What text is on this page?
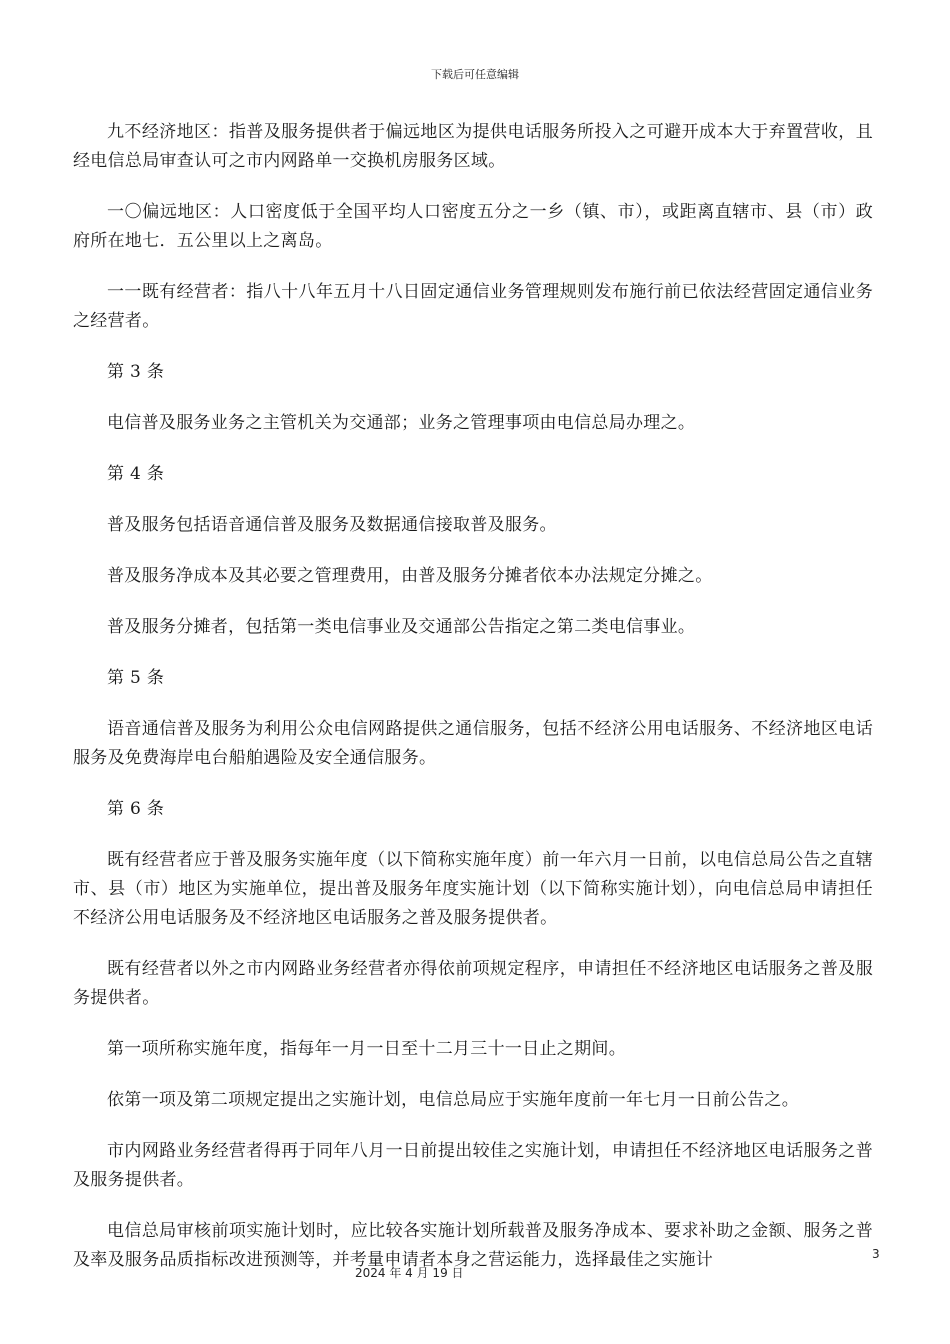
下载后可任意编辑

九不经济地区：指普及服务提供者于偏远地区为提供电话服务所投入之可避开成本大于弃置营收，且经电信总局审查认可之市内网路单一交换机房服务区域。

一〇偏远地区：人口密度低于全国平均人口密度五分之一乡（镇、市），或距离直辖市、县（市）政府所在地七．五公里以上之离岛。

一一既有经营者：指八十八年五月十八日固定通信业务管理规则发布施行前已依法经营固定通信业务之经营者。

第 3 条

电信普及服务业务之主管机关为交通部；业务之管理事项由电信总局办理之。

第 4 条

普及服务包括语音通信普及服务及数据通信接取普及服务。

普及服务净成本及其必要之管理费用，由普及服务分摊者依本办法规定分摊之。

普及服务分摊者，包括第一类电信事业及交通部公告指定之第二类电信事业。

第 5 条

语音通信普及服务为利用公众电信网路提供之通信服务，包括不经济公用电话服务、不经济地区电话服务及免费海岸电台船舶遇险及安全通信服务。

第 6 条

既有经营者应于普及服务实施年度（以下简称实施年度）前一年六月一日前，以电信总局公告之直辖市、县（市）地区为实施单位，提出普及服务年度实施计划（以下简称实施计划），向电信总局申请担任不经济公用电话服务及不经济地区电话服务之普及服务提供者。

既有经营者以外之市内网路业务经营者亦得依前项规定程序，申请担任不经济地区电话服务之普及服务提供者。

第一项所称实施年度，指每年一月一日至十二月三十一日止之期间。

依第一项及第二项规定提出之实施计划，电信总局应于实施年度前一年七月一日前公告之。

市内网路业务经营者得再于同年八月一日前提出较佳之实施计划，申请担任不经济地区电话服务之普及服务提供者。

电信总局审核前项实施计划时，应比较各实施计划所载普及服务净成本、要求补助之金额、服务之普及率及服务品质指标改进预测等，并考量申请者本身之营运能力，选择最佳之实施计	3
2024 年 4 月 19 日
